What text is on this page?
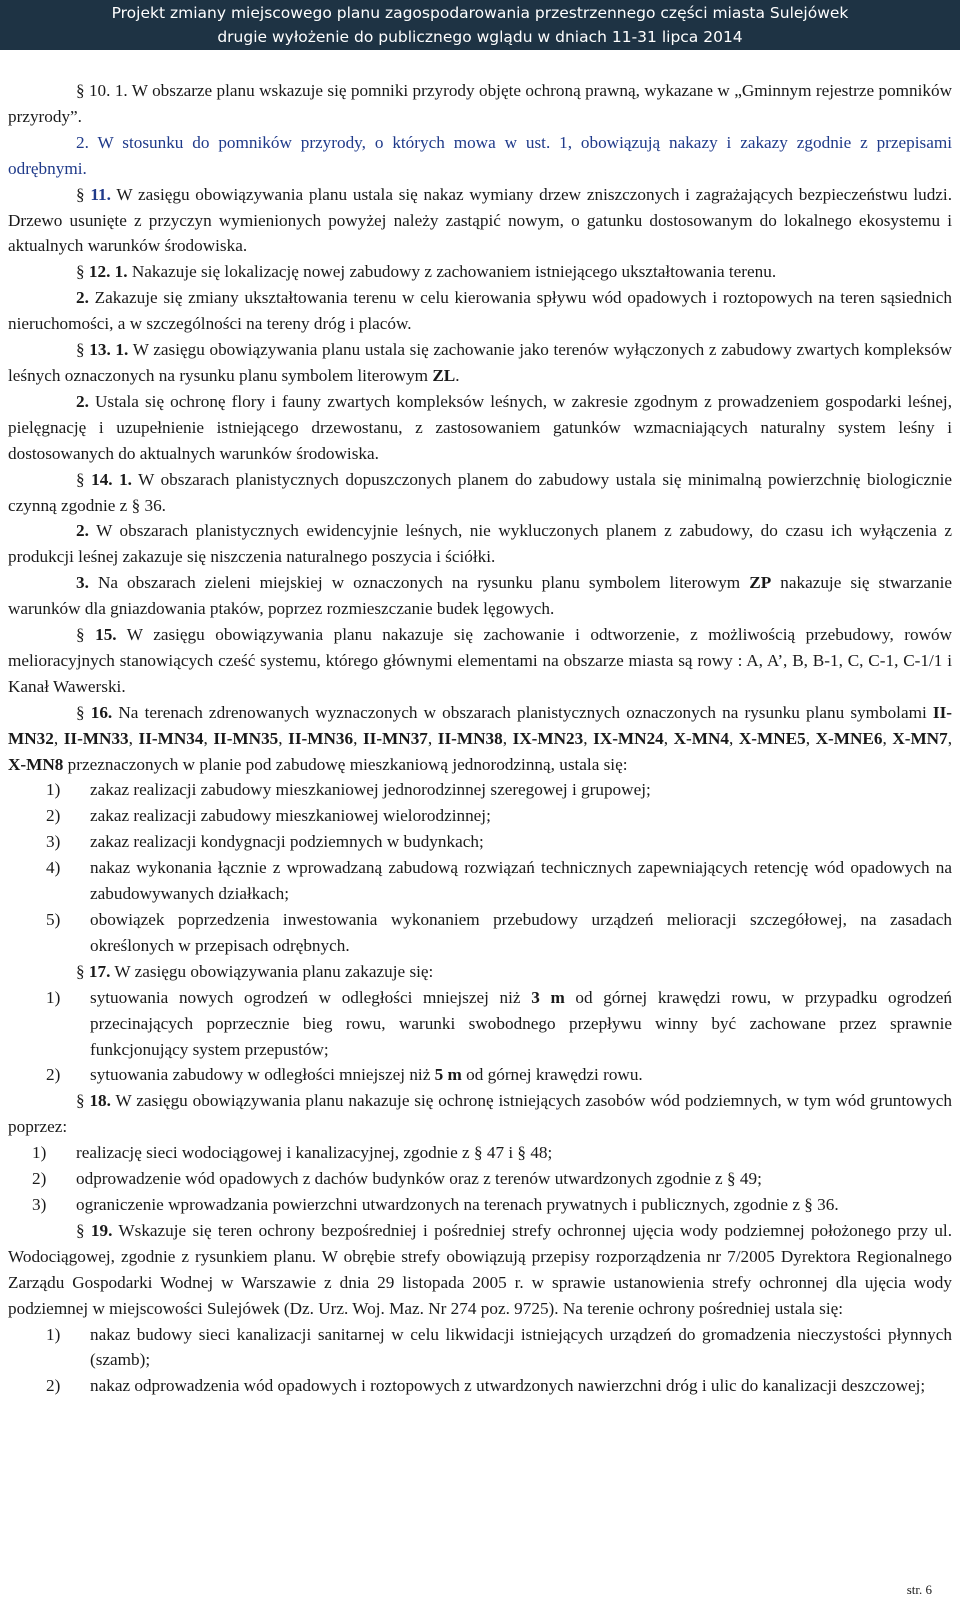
Projekt zmiany miejscowego planu zagospodarowania przestrzennego części miasta Sulejówek
drugie wyłożenie do publicznego wglądu w dniach 11-31 lipca 2014

§ 10. 1. W obszarze planu wskazuje się pomniki przyrody objęte ochroną prawną, wykazane w „Gminnym rejestrze pomników przyrody”.

2. W stosunku do pomników przyrody, o których mowa w ust. 1, obowiązują nakazy i zakazy zgodnie z przepisami odrębnymi.

§ 11. W zasięgu obowiązywania planu ustala się nakaz wymiany drzew zniszczonych i zagrażających bezpieczeństwu ludzi. Drzewo usunięte z przyczyn wymienionych powyżej należy zastąpić nowym, o gatunku dostosowanym do lokalnego ekosystemu i aktualnych warunków środowiska.

§ 12. 1. Nakazuje się lokalizację nowej zabudowy z zachowaniem istniejącego ukształtowania terenu.

2. Zakazuje się zmiany ukształtowania terenu w celu kierowania spływu wód opadowych i roztopowych na teren sąsiednich nieruchomości, a w szczególności na tereny dróg i placów.

§ 13. 1. W zasięgu obowiązywania planu ustala się zachowanie jako terenów wyłączonych z zabudowy zwartych kompleksów leśnych oznaczonych na rysunku planu symbolem literowym ZL.

2. Ustala się ochronę flory i fauny zwartych kompleksów leśnych, w zakresie zgodnym z prowadzeniem gospodarki leśnej, pielęgnację i uzupełnienie istniejącego drzewostanu, z zastosowaniem gatunków wzmacniających naturalny system leśny i dostosowanych do aktualnych warunków środowiska.

§ 14. 1. W obszarach planistycznych dopuszczonych planem do zabudowy ustala się minimalną powierzchnię biologicznie czynną zgodnie z § 36.

2. W obszarach planistycznych ewidencyjnie leśnych, nie wykluczonych planem z zabudowy, do czasu ich wyłączenia z produkcji leśnej zakazuje się niszczenia naturalnego poszycia i ściółki.

3. Na obszarach zieleni miejskiej w oznaczonych na rysunku planu symbolem literowym ZP nakazuje się stwarzanie warunków dla gniazdowania ptaków, poprzez rozmieszczanie budek lęgowych.

§ 15. W zasięgu obowiązywania planu nakazuje się zachowanie i odtworzenie, z możliwością przebudowy, rowów melioracyjnych stanowiących cześć systemu, którego głównymi elementami na obszarze miasta są rowy : A, A’, B, B-1, C, C-1, C-1/1 i Kanał Wawerski.

§ 16. Na terenach zdrenowanych wyznaczonych w obszarach planistycznych oznaczonych na rysunku planu symbolami II-MN32, II-MN33, II-MN34, II-MN35, II-MN36, II-MN37, II-MN38, IX-MN23, IX-MN24, X-MN4, X-MNE5, X-MNE6, X-MN7, X-MN8 przeznaczonych w planie pod zabudowę mieszkaniową jednorodzinną, ustala się:

1)	zakaz realizacji zabudowy mieszkaniowej jednorodzinnej szeregowej i grupowej;
2)	zakaz realizacji zabudowy mieszkaniowej wielorodzinnej;
3)	zakaz realizacji kondygnacji podziemnych w budynkach;
4)	nakaz wykonania łącznie z wprowadzaną zabudową rozwiązań technicznych zapewniających retencję wód opadowych na zabudowywanych działkach;
5)	obowiązek poprzedzenia inwestowania wykonaniem przebudowy urządzeń melioracji szczegółowej, na zasadach określonych w przepisach odrębnych.

§ 17. W zasięgu obowiązywania planu zakazuje się:

1)	sytuowania nowych ogrodzeń w odległości mniejszej niż 3 m od górnej krawędzi rowu, w przypadku ogrodzeń przecinających poprzecznie bieg rowu, warunki swobodnego przepływu winny być zachowane przez sprawnie funkcjonujący system przepustów;
2)	sytuowania zabudowy w odległości mniejszej niż 5 m od górnej krawędzi rowu.

§ 18. W zasięgu obowiązywania planu nakazuje się ochronę istniejących zasobów wód podziemnych, w tym wód gruntowych poprzez:

1)	realizację sieci wodociągowej i kanalizacyjnej, zgodnie z § 47 i § 48;
2)	odprowadzenie wód opadowych z dachów budynków oraz z terenów utwardzonych zgodnie z § 49;
3)	ograniczenie wprowadzania powierzchni utwardzonych na terenach prywatnych i publicznych, zgodnie z § 36.

§ 19. Wskazuje się teren ochrony bezpośredniej i pośredniej strefy ochronnej ujęcia wody podziemnej położonego przy ul. Wodociągowej, zgodnie z rysunkiem planu. W obrębie strefy obowiązują przepisy rozporządzenia nr 7/2005 Dyrektora Regionalnego Zarządu Gospodarki Wodnej w Warszawie z dnia 29 listopada 2005 r. w sprawie ustanowienia strefy ochronnej dla ujęcia wody podziemnej w miejscowości Sulejówek (Dz. Urz. Woj. Maz. Nr 274 poz. 9725). Na terenie ochrony pośredniej ustala się:

1)	nakaz budowy sieci kanalizacji sanitarnej w celu likwidacji istniejących urządzeń do gromadzenia nieczystości płynnych (szamb);
2)	nakaz odprowadzenia wód opadowych i roztopowych z utwardzonych nawierzchni dróg i ulic do kanalizacji deszczowej;
str. 6
